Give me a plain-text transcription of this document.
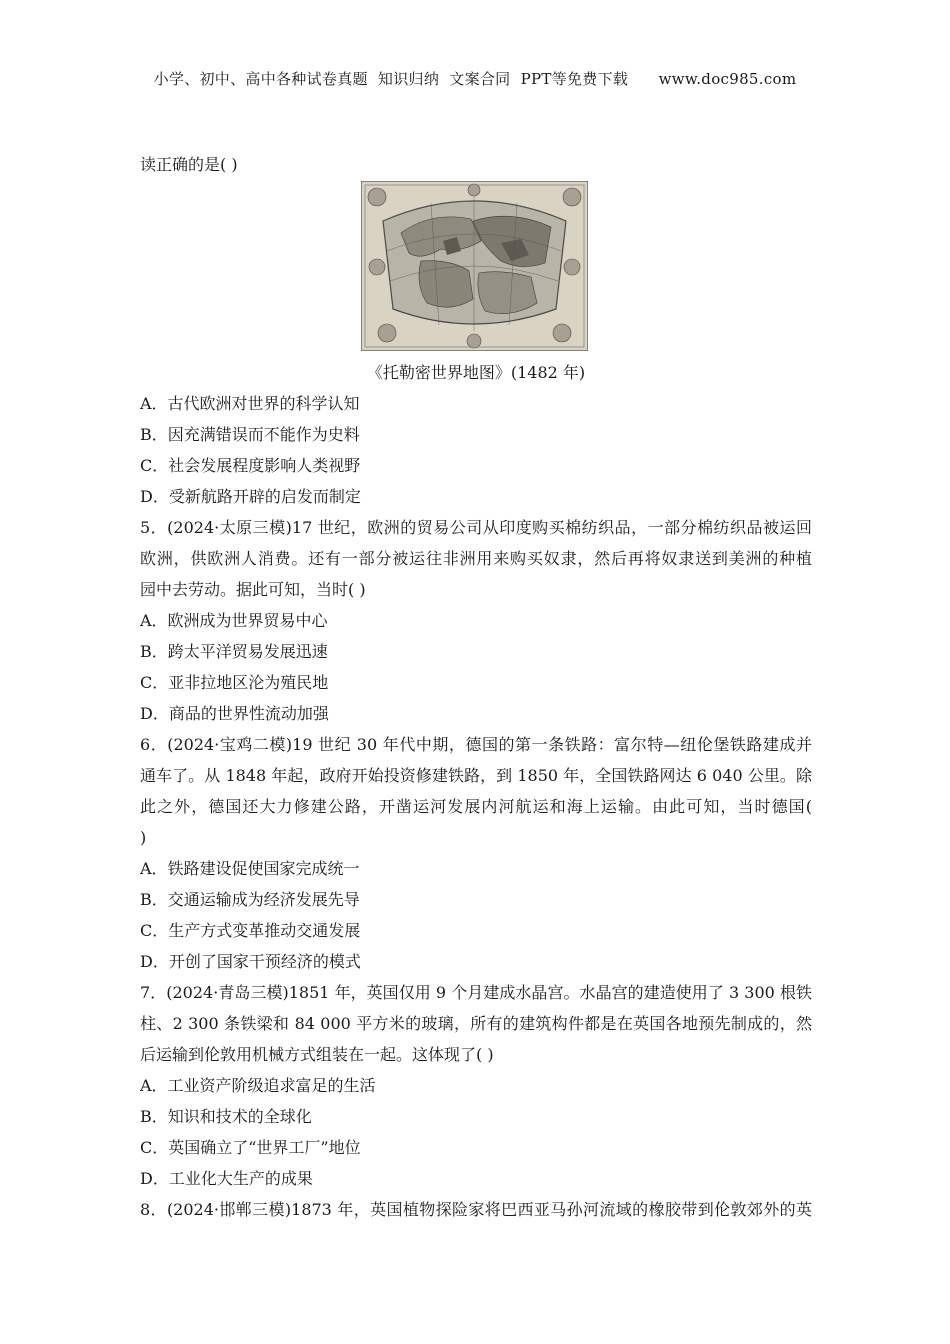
小学、初中、高中各种试卷真题  知识归纳  文案合同  PPT等免费下载      www.doc985.com
读正确的是( )
《托勒密世界地图》(1482 年)
A．古代欧洲对世界的科学认知
B．因充满错误而不能作为史料
C．社会发展程度影响人类视野
D．受新航路开辟的启发而制定
5．(2024·太原三模)17 世纪，欧洲的贸易公司从印度购买棉纺织品，一部分棉纺织品被运回
欧洲，供欧洲人消费。还有一部分被运往非洲用来购买奴隶，然后再将奴隶送到美洲的种植
园中去劳动。据此可知，当时( )
A．欧洲成为世界贸易中心
B．跨太平洋贸易发展迅速
C．亚非拉地区沦为殖民地
D．商品的世界性流动加强
6．(2024·宝鸡二模)19 世纪 30 年代中期，德国的第一条铁路：富尔特—纽伦堡铁路建成并
通车了。从 1848 年起，政府开始投资修建铁路，到 1850 年，全国铁路网达 6 040 公里。除
此之外，德国还大力修建公路，开凿运河发展内河航运和海上运输。由此可知，当时德国(
)
A．铁路建设促使国家完成统一
B．交通运输成为经济发展先导
C．生产方式变革推动交通发展
D．开创了国家干预经济的模式
7．(2024·青岛三模)1851 年，英国仅用 9 个月建成水晶宫。水晶宫的建造使用了 3 300 根铁
柱、2 300 条铁梁和 84 000 平方米的玻璃，所有的建筑构件都是在英国各地预先制成的，然
后运输到伦敦用机械方式组装在一起。这体现了( )
A．工业资产阶级追求富足的生活
B．知识和技术的全球化
C．英国确立了“世界工厂”地位
D．工业化大生产的成果
8．(2024·邯郸三模)1873 年，英国植物探险家将巴西亚马孙河流域的橡胶带到伦敦郊外的英
